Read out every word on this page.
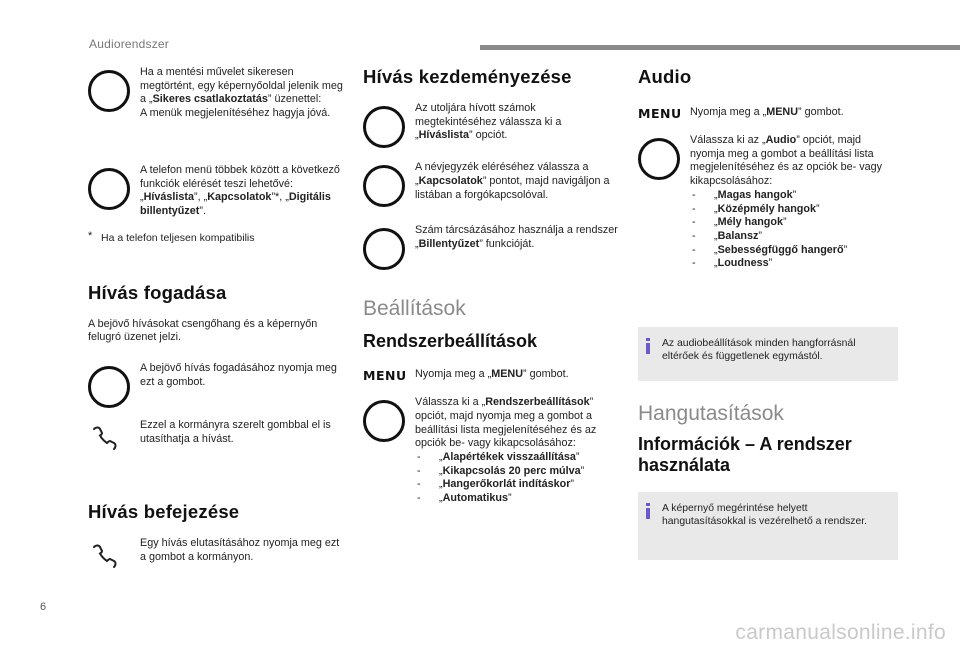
Audiorendszer
Ha a mentési művelet sikeresen megtörtént, egy képernyőoldal jelenik meg a „Sikeres csatlakoztatás” üzenettel:
A menük megjelenítéséhez hagyja jóvá.
A telefon menü többek között a következő funkciók elérését teszi lehetővé: „Híváslista”, „Kapcsolatok”*, „Digitális billentyűzet”.
* Ha a telefon teljesen kompatibilis
Hívás fogadása

A bejövő hívásokat csengőhang és a képernyőn felugró üzenet jelzi.

A bejövő hívás fogadásához nyomja meg ezt a gombot.
Ezzel a kormányra szerelt gombbal el is utasíthatja a hívást.
Hívás befejezése
Egy hívás elutasításához nyomja meg ezt a gombot a kormányon.
Hívás kezdeményezése
Az utoljára hívott számok megtekintéséhez válassza ki a „Híváslista” opciót.
A névjegyzék eléréséhez válassza a „Kapcsolatok” pontot, majd navigáljon a listában a forgókapcsolóval.
Szám tárcsázásához használja a rendszer „Billentyűzet” funkcióját.
Beállítások
Rendszerbeállítások
MENU Nyomja meg a „MENU” gombot.
Válassza ki a „Rendszerbeállítások” opciót, majd nyomja meg a gombot a beállítási lista megjelenítéséhez és az opciók be- vagy kikapcsolásához:
- „Alapértékek visszaállítása”
- „Kikapcsolás 20 perc múlva”
- „Hangerőkorlát indításkor”
- „Automatikus”
Audio
MENU Nyomja meg a „MENU” gombot.
Válassza ki az „Audio” opciót, majd nyomja meg a gombot a beállítási lista megjelenítéséhez és az opciók be- vagy kikapcsolásához:
- „Magas hangok”
- „Középmély hangok”
- „Mély hangok”
- „Balansz”
- „Sebességfüggő hangerő”
- „Loudness”
Az audiobeállítások minden hangforrásnál eltérőek és függetlenek egymástól.
Hangutasítások
Információk – A rendszer használata
A képernyő megérintése helyett hangutasításokkal is vezérelhető a rendszer.
6
carmanualsonline.info
